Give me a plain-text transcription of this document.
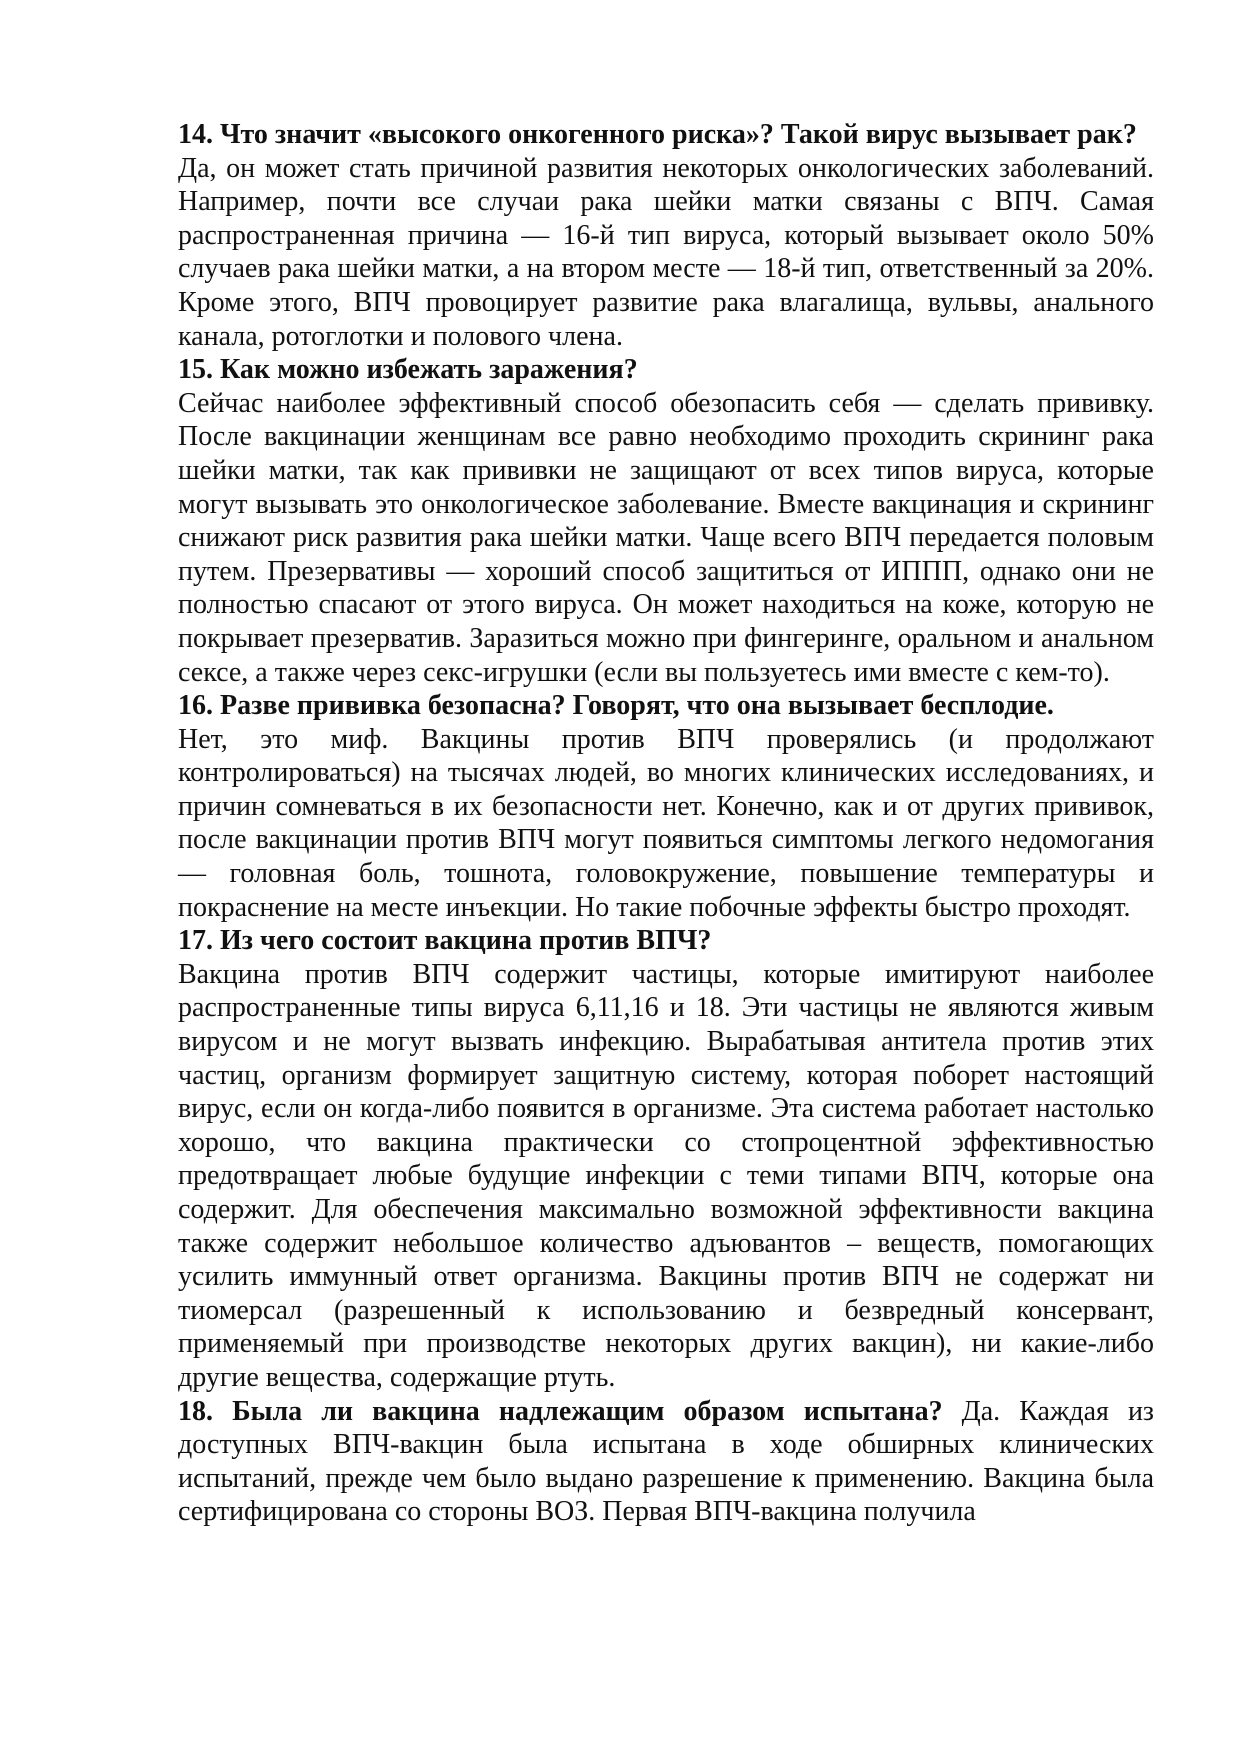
14. Что значит «высокого онкогенного риска»? Такой вирус вызывает рак?

Да, он может стать причиной развития некоторых онкологических заболеваний. Например, почти все случаи рака шейки матки связаны с ВПЧ. Самая распространенная причина — 16-й тип вируса, который вызывает около 50% случаев рака шейки матки, а на втором месте — 18-й тип, ответственный за 20%. Кроме этого, ВПЧ провоцирует развитие рака влагалища, вульвы, анального канала, ротоглотки и полового члена.

15. Как можно избежать заражения?

Сейчас наиболее эффективный способ обезопасить себя — сделать прививку. После вакцинации женщинам все равно необходимо проходить скрининг рака шейки матки, так как прививки не защищают от всех типов вируса, которые могут вызывать это онкологическое заболевание. Вместе вакцинация и скрининг снижают риск развития рака шейки матки. Чаще всего ВПЧ передается половым путем. Презервативы — хороший способ защититься от ИППП, однако они не полностью спасают от этого вируса. Он может находиться на коже, которую не покрывает презерватив. Заразиться можно при фингеринге, оральном и анальном сексе, а также через секс-игрушки (если вы пользуетесь ими вместе с кем-то).

16. Разве прививка безопасна? Говорят, что она вызывает бесплодие.

Нет, это миф. Вакцины против ВПЧ проверялись (и продолжают контролироваться) на тысячах людей, во многих клинических исследованиях, и причин сомневаться в их безопасности нет. Конечно, как и от других прививок, после вакцинации против ВПЧ могут появиться симптомы легкого недомогания — головная боль, тошнота, головокружение, повышение температуры и покраснение на месте инъекции. Но такие побочные эффекты быстро проходят.

17. Из чего состоит вакцина против ВПЧ?

Вакцина против ВПЧ содержит частицы, которые имитируют наиболее распространенные типы вируса 6,11,16 и 18. Эти частицы не являются живым вирусом и не могут вызвать инфекцию. Вырабатывая антитела против этих частиц, организм формирует защитную систему, которая поборет настоящий вирус, если он когда-либо появится в организме. Эта система работает настолько хорошо, что вакцина практически со стопроцентной эффективностью предотвращает любые будущие инфекции с теми типами ВПЧ, которые она содержит. Для обеспечения максимально возможной эффективности вакцина также содержит небольшое количество адъювантов – веществ, помогающих усилить иммунный ответ организма. Вакцины против ВПЧ не содержат ни тиомерсал (разрешенный к использованию и безвредный консервант, применяемый при производстве некоторых других вакцин), ни какие-либо другие вещества, содержащие ртуть.

18. Была ли вакцина надлежащим образом испытана? Да. Каждая из доступных ВПЧ-вакцин была испытана в ходе обширных клинических испытаний, прежде чем было выдано разрешение к применению. Вакцина была сертифицирована со стороны ВОЗ. Первая ВПЧ-вакцина получила
